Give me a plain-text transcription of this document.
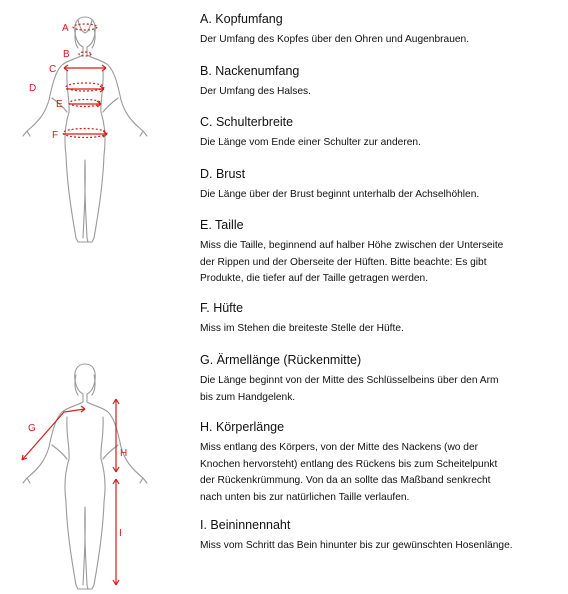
A
B
C
D
E
F
G
H
I
A. Kopfumfang

Der Umfang des Kopfes über den Ohren und Augenbrauen.

B. Nackenumfang

Der Umfang des Halses.

C. Schulterbreite

Die Länge vom Ende einer Schulter zur anderen.

D. Brust

Die Länge über der Brust beginnt unterhalb der Achselhöhlen.

E. Taille

Miss die Taille, beginnend auf halber Höhe zwischen der Unterseite

der Rippen und der Oberseite der Hüften. Bitte beachte: Es gibt

Produkte, die tiefer auf der Taille getragen werden.

F. Hüfte

Miss im Stehen die breiteste Stelle der Hüfte.

G. Ärmellänge (Rückenmitte)

Die Länge beginnt von der Mitte des Schlüsselbeins über den Arm

bis zum Handgelenk.

H. Körperlänge

Miss entlang des Körpers, von der Mitte des Nackens (wo der

Knochen hervorsteht) entlang des Rückens bis zum Scheitelpunkt

der Rückenkrümmung. Von da an sollte das Maßband senkrecht

nach unten bis zur natürlichen Taille verlaufen.

I. Beininnennaht

Miss vom Schritt das Bein hinunter bis zur gewünschten Hosenlänge.
